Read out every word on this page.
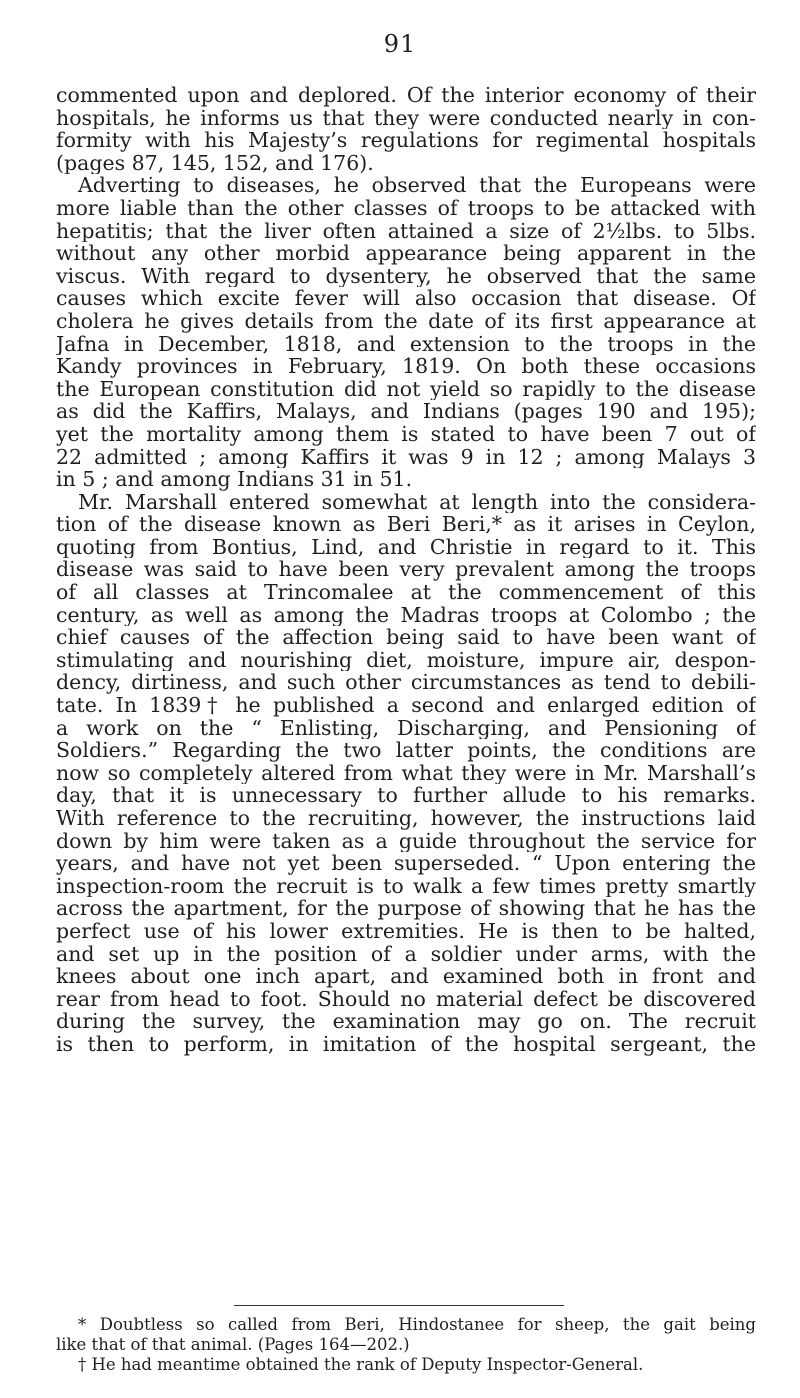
91
commented upon and deplored. Of the interior economy of their
hospitals, he informs us that they were conducted nearly in con-
formity with his Majesty’s regulations for regimental hospitals
(pages 87, 145, 152, and 176).
Adverting to diseases, he observed that the Europeans were
more liable than the other classes of troops to be attacked with
hepatitis; that the liver often attained a size of 2½lbs. to 5lbs.
without any other morbid appearance being apparent in the
viscus. With regard to dysentery, he observed that the same
causes which excite fever will also occasion that disease. Of
cholera he gives details from the date of its first appearance at
Jafna in December, 1818, and extension to the troops in the
Kandy provinces in February, 1819. On both these occasions
the European constitution did not yield so rapidly to the disease
as did the Kaffirs, Malays, and Indians (pages 190 and 195);
yet the mortality among them is stated to have been 7 out of
22 admitted ; among Kaffirs it was 9 in 12 ; among Malays 3
in 5 ; and among Indians 31 in 51.
Mr. Marshall entered somewhat at length into the considera-
tion of the disease known as Beri Beri,* as it arises in Ceylon,
quoting from Bontius, Lind, and Christie in regard to it. This
disease was said to have been very prevalent among the troops
of all classes at Trincomalee at the commencement of this
century, as well as among the Madras troops at Colombo ; the
chief causes of the affection being said to have been want of
stimulating and nourishing diet, moisture, impure air, despon-
dency, dirtiness, and such other circumstances as tend to debili-
tate. In 1839† he published a second and enlarged edition of
a work on the “ Enlisting, Discharging, and Pensioning of
Soldiers.” Regarding the two latter points, the conditions are
now so completely altered from what they were in Mr. Marshall’s
day, that it is unnecessary to further allude to his remarks.
With reference to the recruiting, however, the instructions laid
down by him were taken as a guide throughout the service for
years, and have not yet been superseded. “ Upon entering the
inspection-room the recruit is to walk a few times pretty smartly
across the apartment, for the purpose of showing that he has the
perfect use of his lower extremities. He is then to be halted,
and set up in the position of a soldier under arms, with the
knees about one inch apart, and examined both in front and
rear from head to foot. Should no material defect be discovered
during the survey, the examination may go on. The recruit
is then to perform, in imitation of the hospital sergeant, the
* Doubtless so called from Beri, Hindostanee for sheep, the gait being
like that of that animal. (Pages 164—202.)
† He had meantime obtained the rank of Deputy Inspector-General.
